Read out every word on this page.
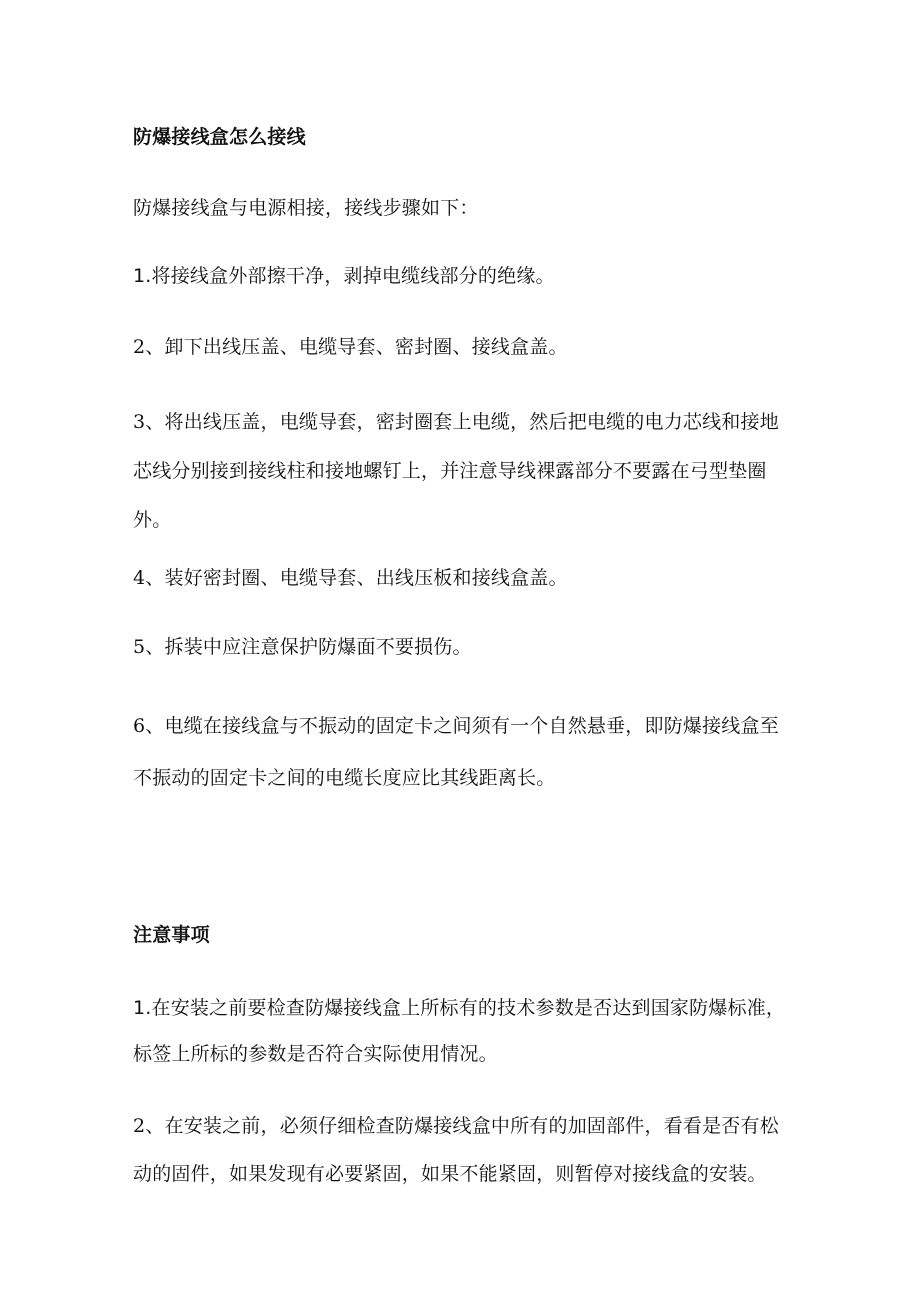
防爆接线盒怎么接线

防爆接线盒与电源相接，接线步骤如下：

1.将接线盒外部擦干净，剥掉电缆线部分的绝缘。

2、卸下出线压盖、电缆导套、密封圈、接线盒盖。

3、将出线压盖，电缆导套，密封圈套上电缆，然后把电缆的电力芯线和接地芯线分别接到接线柱和接地螺钉上，并注意导线裸露部分不要露在弓型垫圈外。

4、装好密封圈、电缆导套、出线压板和接线盒盖。

5、拆装中应注意保护防爆面不要损伤。

6、电缆在接线盒与不振动的固定卡之间须有一个自然悬垂，即防爆接线盒至不振动的固定卡之间的电缆长度应比其线距离长。

注意事项

1.在安装之前要检查防爆接线盒上所标有的技术参数是否达到国家防爆标准，标签上所标的参数是否符合实际使用情况。

2、在安装之前，必须仔细检查防爆接线盒中所有的加固部件，看看是否有松动的固件，如果发现有必要紧固，如果不能紧固，则暂停对接线盒的安装。
